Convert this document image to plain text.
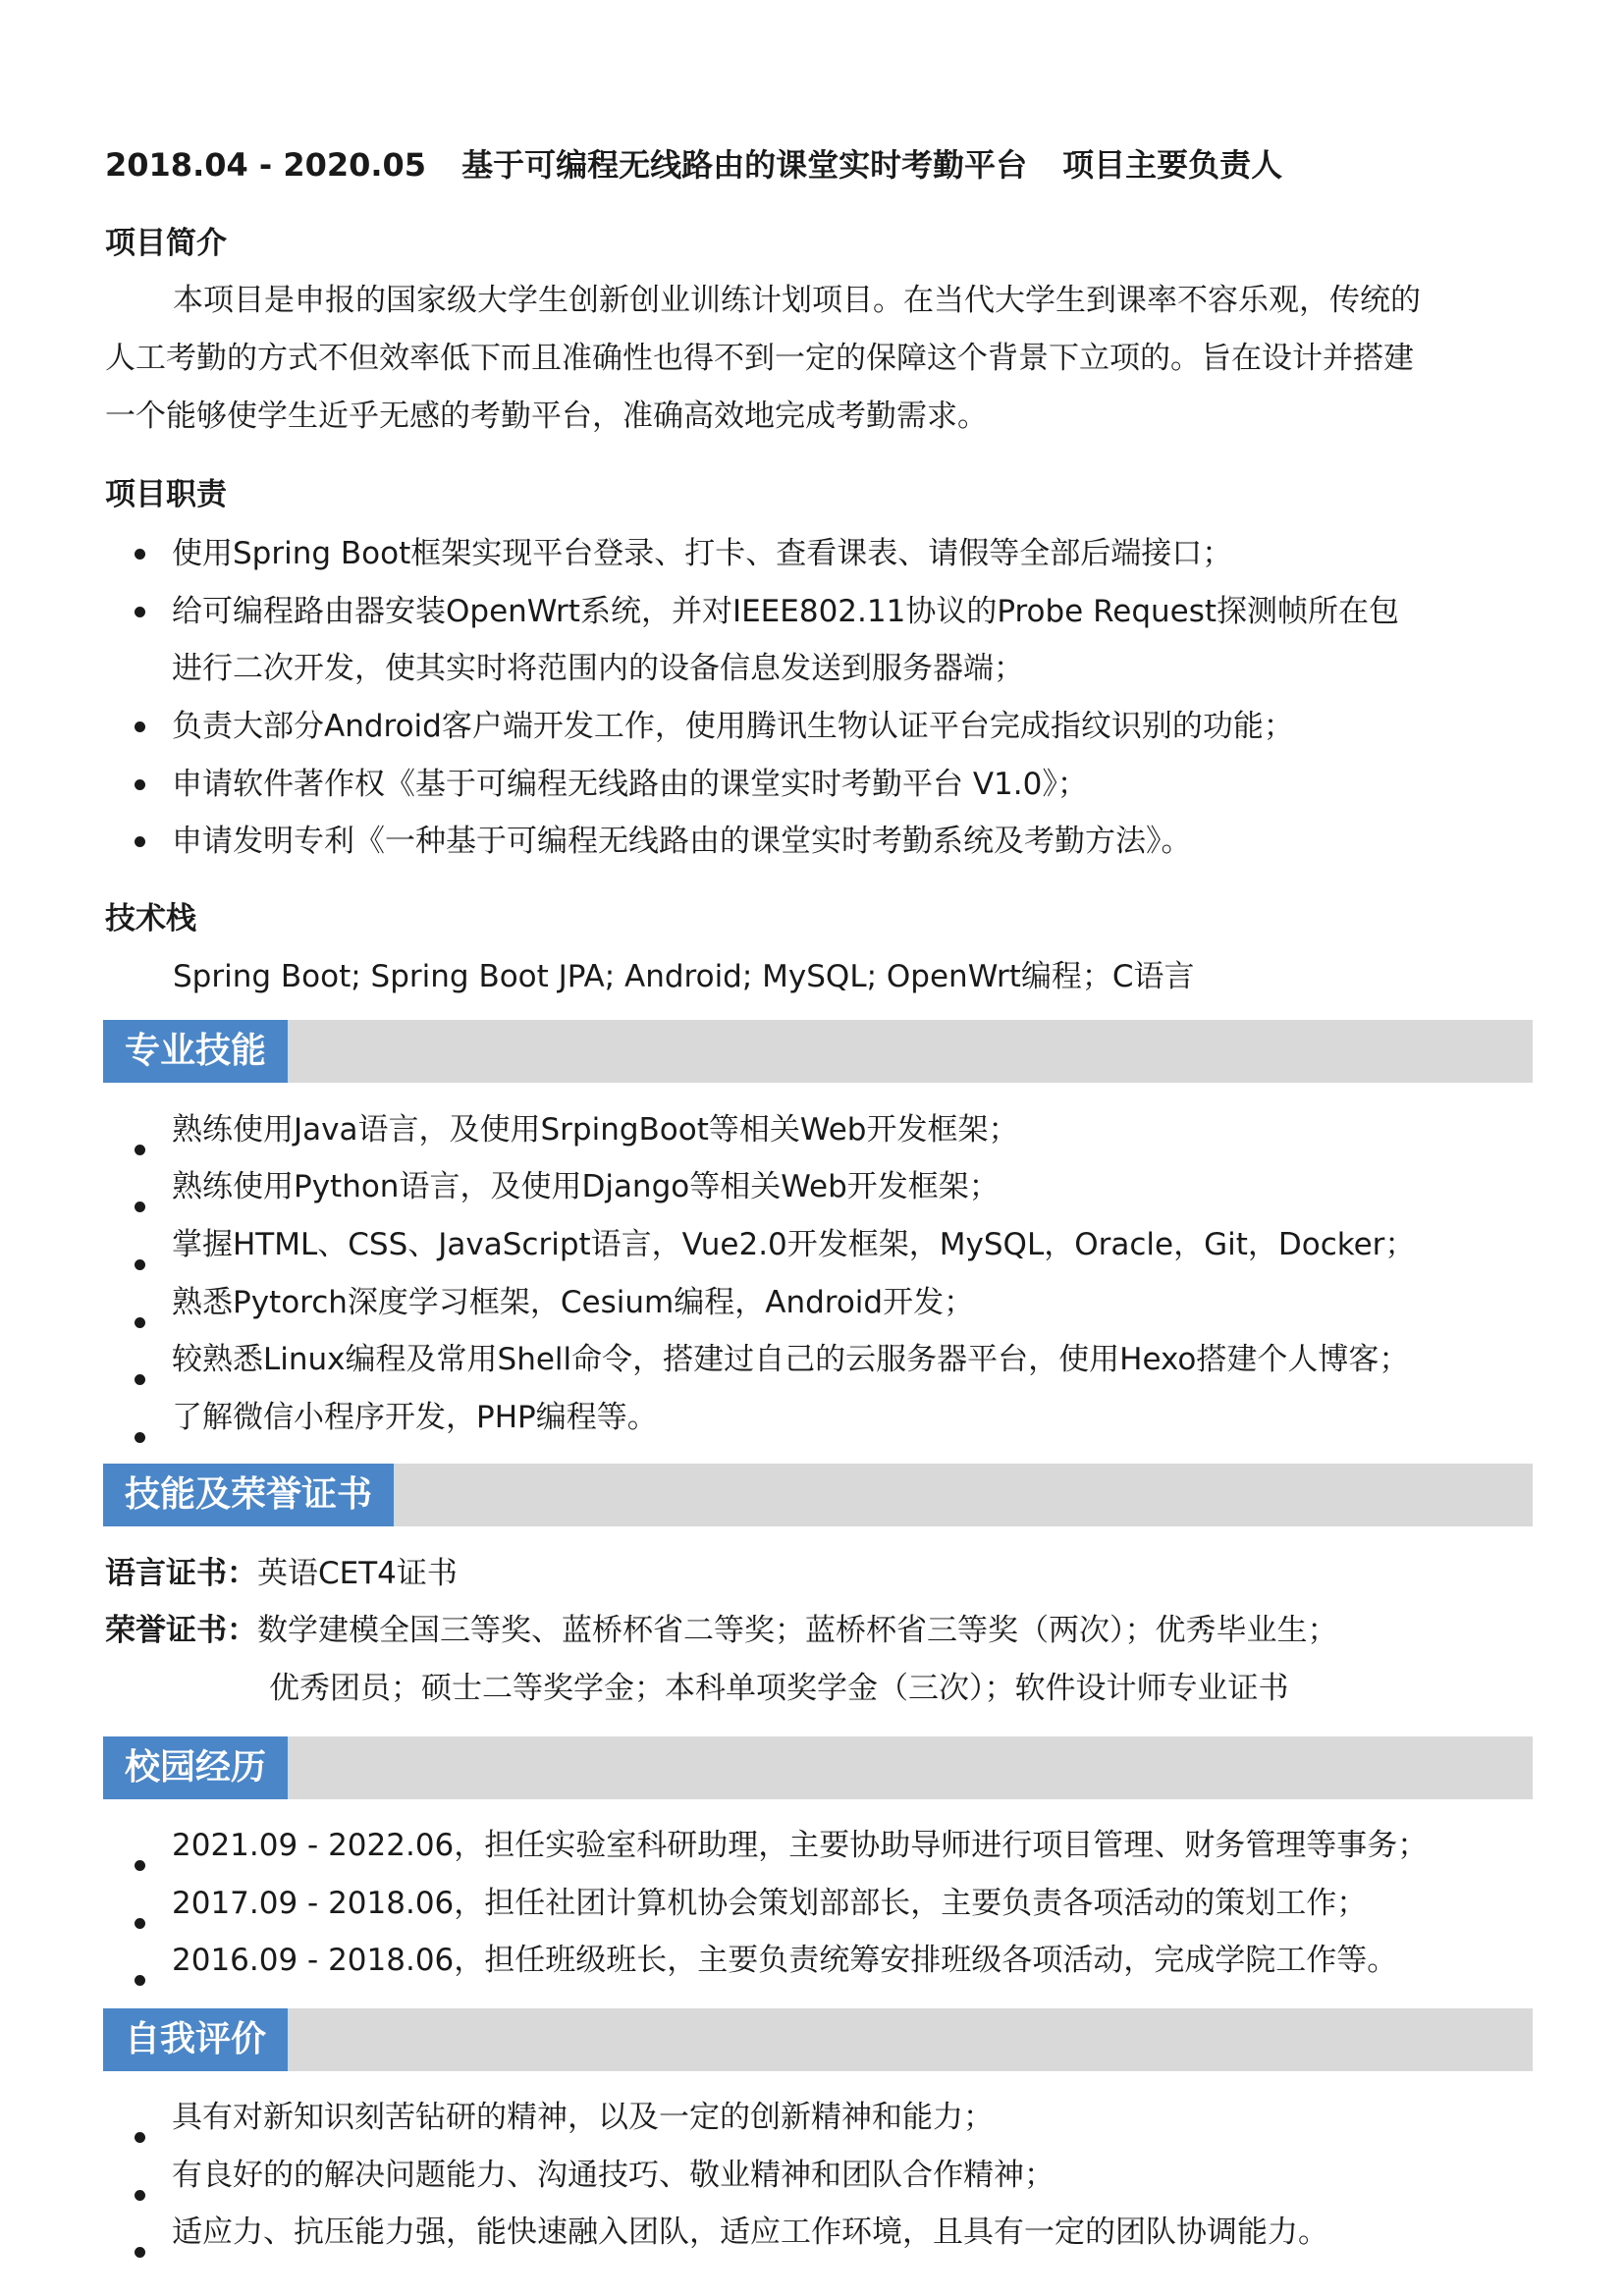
2018.04 - 2020.05 基于可编程无线路由的课堂实时考勤平台 项目主要负责人
项目简介
本项目是申报的国家级大学生创新创业训练计划项目。在当代大学生到课率不容乐观，传统的
人工考勤的方式不但效率低下而且准确性也得不到一定的保障这个背景下立项的。旨在设计并搭建
一个能够使学生近乎无感的考勤平台，准确高效地完成考勤需求。
项目职责
使用Spring Boot框架实现平台登录、打卡、查看课表、请假等全部后端接口；
给可编程路由器安装OpenWrt系统，并对IEEE802.11协议的Probe Request探测帧所在包
进行二次开发，使其实时将范围内的设备信息发送到服务器端；
负责大部分Android客户端开发工作，使用腾讯生物认证平台完成指纹识别的功能；
申请软件著作权《基于可编程无线路由的课堂实时考勤平台 V1.0》；
申请发明专利《一种基于可编程无线路由的课堂实时考勤系统及考勤方法》。
技术栈
Spring Boot; Spring Boot JPA; Android; MySQL; OpenWrt编程；C语言
专业技能
熟练使用Java语言，及使用SrpingBoot等相关Web开发框架；
熟练使用Python语言，及使用Django等相关Web开发框架；
掌握HTML、CSS、JavaScript语言，Vue2.0开发框架，MySQL，Oracle，Git，Docker；
熟悉Pytorch深度学习框架，Cesium编程，Android开发；
较熟悉Linux编程及常用Shell命令，搭建过自己的云服务器平台，使用Hexo搭建个人博客；
了解微信小程序开发，PHP编程等。
技能及荣誉证书
语言证书：英语CET4证书
荣誉证书：数学建模全国三等奖、蓝桥杯省二等奖；蓝桥杯省三等奖（两次）；优秀毕业生；
优秀团员；硕士二等奖学金；本科单项奖学金（三次）；软件设计师专业证书
校园经历
2021.09 - 2022.06，担任实验室科研助理，主要协助导师进行项目管理、财务管理等事务；
2017.09 - 2018.06，担任社团计算机协会策划部部长，主要负责各项活动的策划工作；
2016.09 - 2018.06，担任班级班长，主要负责统筹安排班级各项活动，完成学院工作等。
自我评价
具有对新知识刻苦钻研的精神，以及一定的创新精神和能力；
有良好的的解决问题能力、沟通技巧、敬业精神和团队合作精神；
适应力、抗压能力强，能快速融入团队，适应工作环境，且具有一定的团队协调能力。
